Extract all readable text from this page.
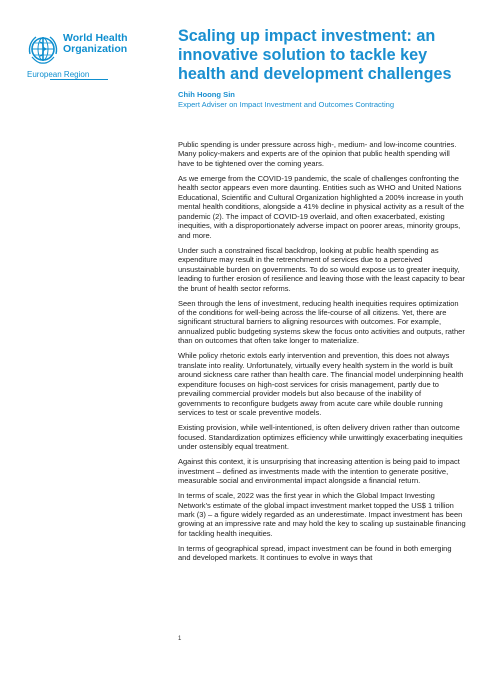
World Health
Organization
European Region
Scaling up impact investment: an innovative solution to tackle key health and development challenges
Chih Hoong Sin
Expert Adviser on Impact Investment and Outcomes Contracting

Public spending is under pressure across high-, medium- and low-income countries. Many policy-makers and experts are of the opinion that public health spending will have to be tightened over the coming years.

As we emerge from the COVID-19 pandemic, the scale of challenges confronting the health sector appears even more daunting. Entities such as WHO and United Nations Educational, Scientific and Cultural Organization highlighted a 200% increase in youth mental health conditions, alongside a 41% decline in physical activity as a result of the pandemic (2). The impact of COVID-19 overlaid, and often exacerbated, existing inequities, with a disproportionately adverse impact on poorer areas, minority groups, and more.

Under such a constrained fiscal backdrop, looking at public health spending as expenditure may result in the retrenchment of services due to a perceived unsustainable burden on governments. To do so would expose us to greater inequity, leading to further erosion of resilience and leaving those with the least capacity to bear the brunt of health sector reforms.

Seen through the lens of investment, reducing health inequities requires optimization of the conditions for well-being across the life-course of all citizens. Yet, there are significant structural barriers to aligning resources with outcomes. For example, annualized public budgeting systems skew the focus onto activities and outputs, rather than on outcomes that often take longer to materialize.

While policy rhetoric extols early intervention and prevention, this does not always translate into reality. Unfortunately, virtually every health system in the world is built around sickness care rather than health care. The financial model underpinning health expenditure focuses on high-cost services for crisis management, partly due to prevailing commercial provider models but also because of the inability of governments to reconfigure budgets away from acute care while double running services to test or scale preventive models.

Existing provision, while well-intentioned, is often delivery driven rather than outcome focused. Standardization optimizes efficiency while unwittingly exacerbating inequities under ostensibly equal treatment.

Against this context, it is unsurprising that increasing attention is being paid to impact investment – defined as investments made with the intention to generate positive, measurable social and environmental impact alongside a financial return.

In terms of scale, 2022 was the first year in which the Global Impact Investing Network’s estimate of the global impact investment market topped the US$ 1 trillion mark (3) – a figure widely regarded as an underestimate. Impact investment has been growing at an impressive rate and may hold the key to scaling up sustainable financing for tackling health inequities.

In terms of geographical spread, impact investment can be found in both emerging and developed markets. It continues to evolve in ways that

1
